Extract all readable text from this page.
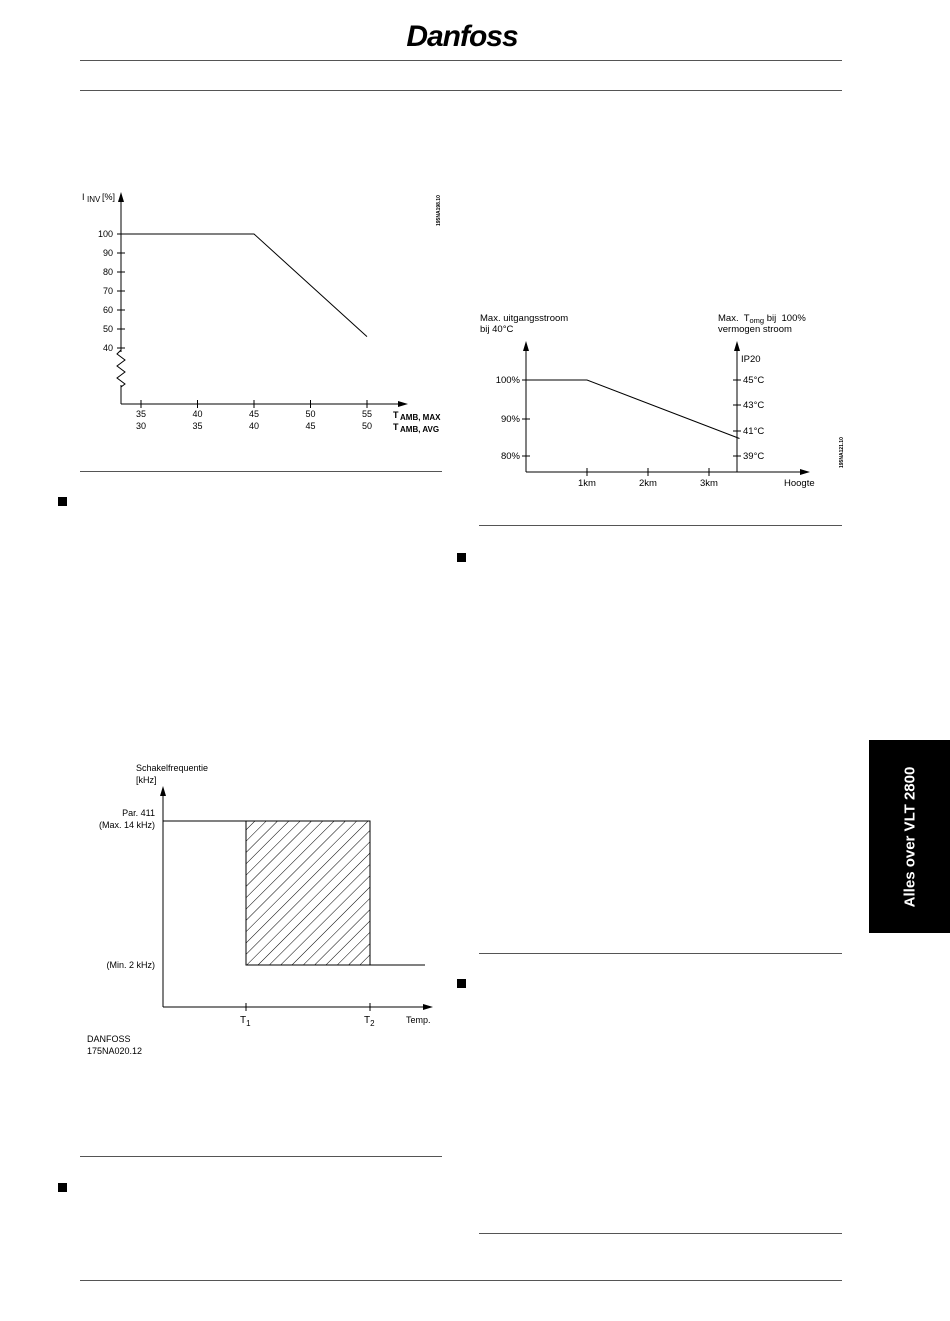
Danfoss
100
90
80
70
60
50
40
35
30
40
35
45
40
50
45
55
50
I INV [%]
T AMB, MAX
T AMB, AVG
195NA198.10
100%
90%
80%
45°C
43°C
41°C
39°C
1km	2km	3km
Max. uitgangsstroom
bij 40°C
Max.  $T_{omg}$ bij  100%
vermogen stroom
IP20
Hoogte
195NA121.10
Schakelfrequentie
[kHz]
Par. 411
(Max. 14 kHz)
(Min. 2 kHz)
$T_1$	$T_2$	Temp.
DANFOSS
175NA020.12
Alles over VLT 2800
